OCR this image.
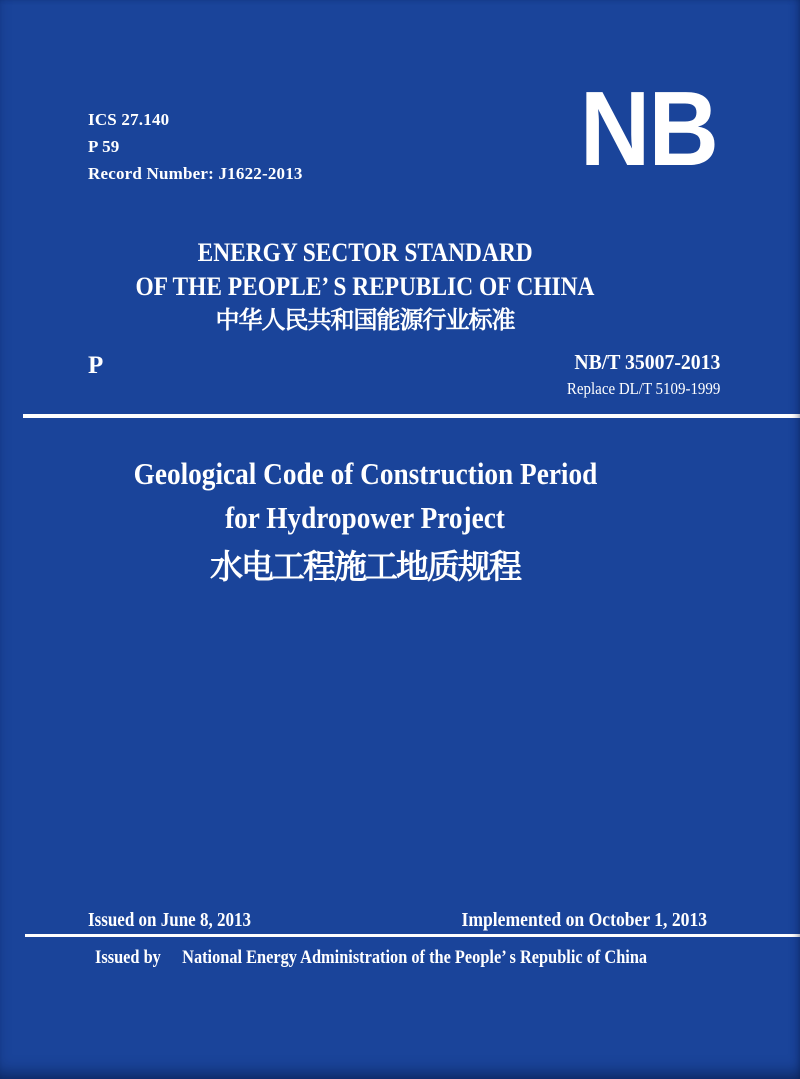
ICS 27.140
P 59
Record Number: J1622-2013	NB
ENERGY SECTOR STANDARD
OF THE PEOPLE’ S REPUBLIC OF CHINA
中华人民共和国能源行业标准
P	NB/T 35007-2013
Replace DL/T 5109-1999
Geological Code of Construction Period
for Hydropower Project
水电工程施工地质规程
Issued on June 8, 2013	Implemented on October 1, 2013
Issued by National Energy Administration of the People’ s Republic of China
